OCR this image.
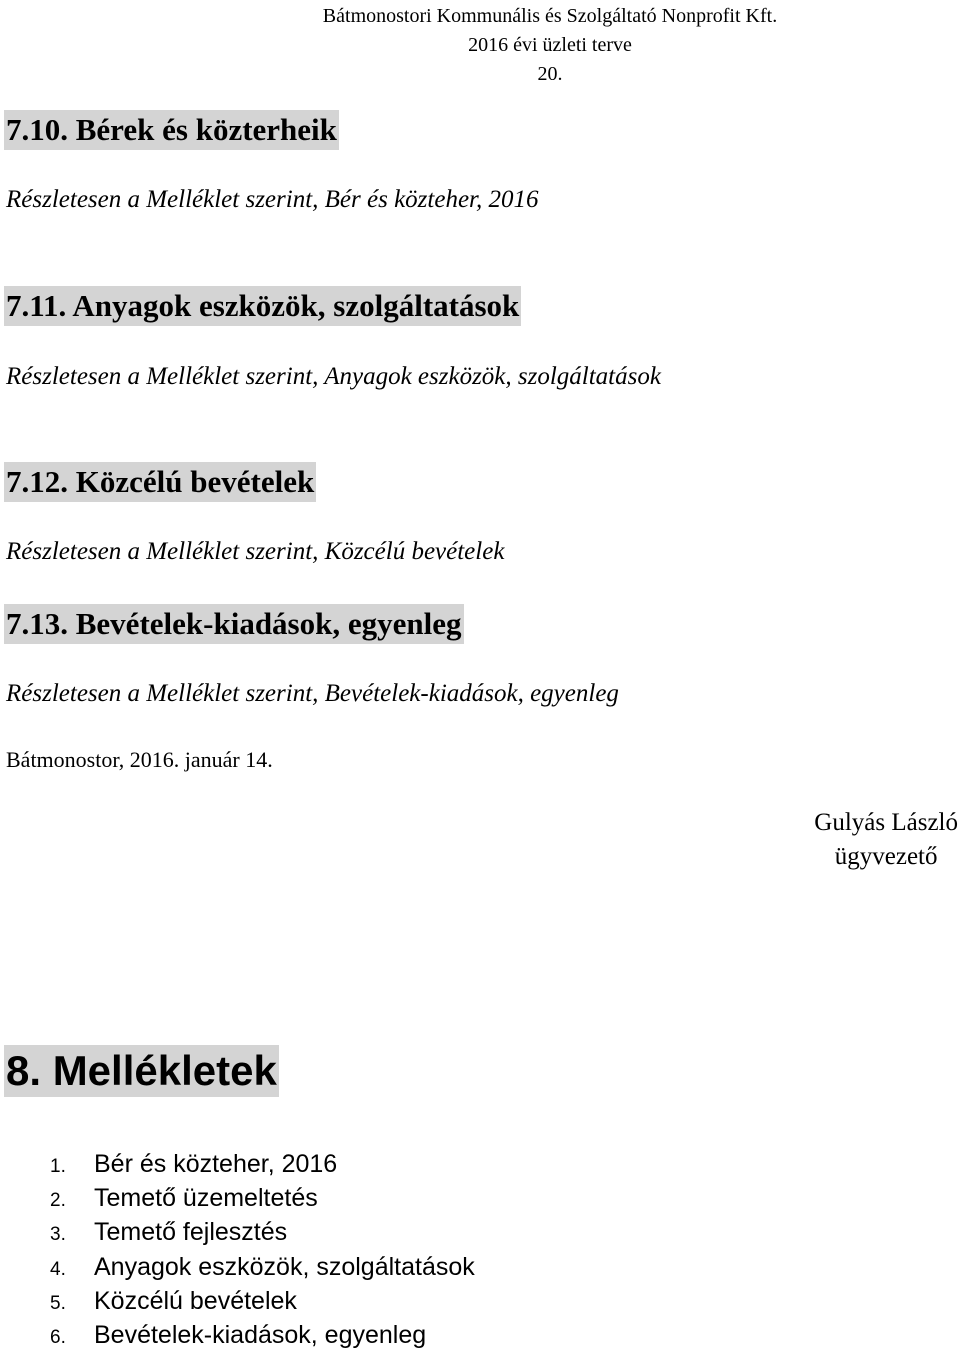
Bátmonostori Kommunális és Szolgáltató Nonprofit Kft.
2016 évi üzleti terve
20.
7.10. Bérek és közterheik

Részletesen a Melléklet szerint, Bér és közteher, 2016

7.11. Anyagok eszközök, szolgáltatások

Részletesen a Melléklet szerint, Anyagok eszközök, szolgáltatások

7.12. Közcélú bevételek

Részletesen a Melléklet szerint, Közcélú bevételek

7.13. Bevételek-kiadások, egyenleg

Részletesen a Melléklet szerint, Bevételek-kiadások, egyenleg

Bátmonostor, 2016. január 14.
Gulyás László
ügyvezető
8. Mellékletek
1.	Bér és közteher, 2016
2.	Temető üzemeltetés
3.	Temető fejlesztés
4.	Anyagok eszközök, szolgáltatások
5.	Közcélú bevételek
6.	Bevételek-kiadások, egyenleg
